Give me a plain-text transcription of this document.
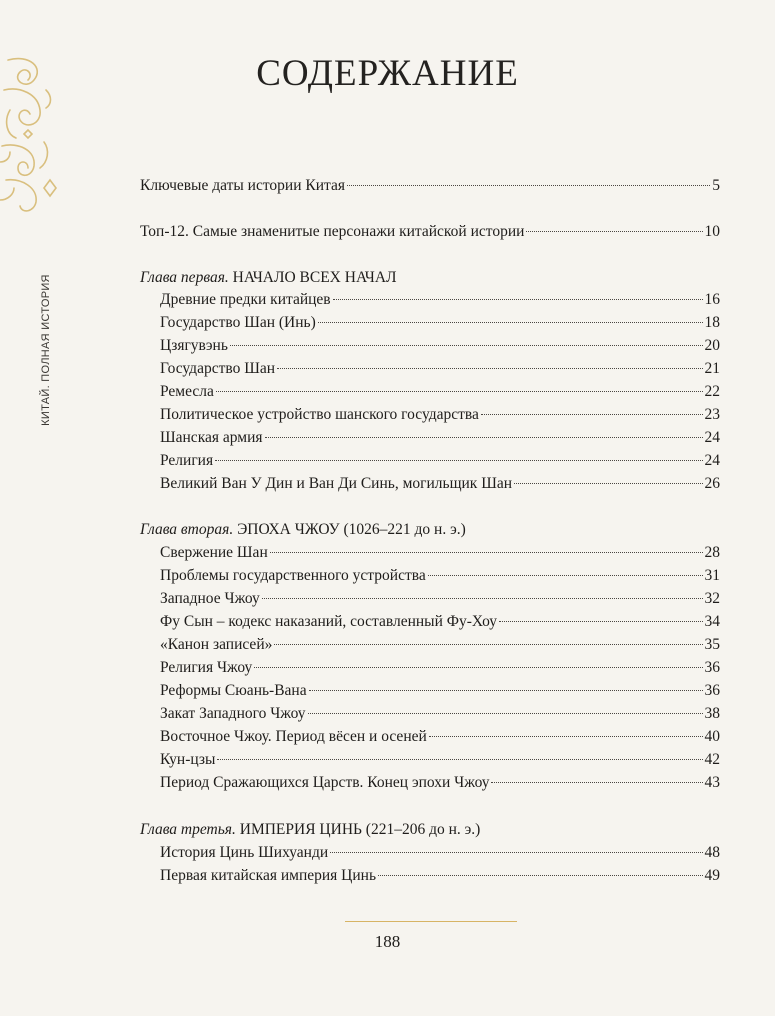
КИТАЙ. ПОЛНАЯ ИСТОРИЯ
СОДЕРЖАНИЕ
Ключевые даты истории Китая	5
Топ-12. Самые знаменитые персонажи китайской истории	10
Глава первая. НАЧАЛО ВСЕХ НАЧАЛ
Древние предки китайцев	16
Государство Шан (Инь)	18
Цзягувэнь	20
Государство Шан	21
Ремесла	22
Политическое устройство шанского государства	23
Шанская армия	24
Религия	24
Великий Ван У Дин и Ван Ди Синь, могильщик Шан	26
Глава вторая. ЭПОХА ЧЖОУ (1026–221 до н. э.)
Свержение Шан	28
Проблемы государственного устройства	31
Западное Чжоу	32
Фу Сын – кодекс наказаний, составленный Фу-Хоу	34
«Канон записей»	35
Религия Чжоу	36
Реформы Сюань-Вана	36
Закат Западного Чжоу	38
Восточное Чжоу. Период вёсен и осеней	40
Кун-цзы	42
Период Сражающихся Царств. Конец эпохи Чжоу	43
Глава третья. ИМПЕРИЯ ЦИНЬ (221–206 до н. э.)
История Цинь Шихуанди	48
Первая китайская империя Цинь	49
188
